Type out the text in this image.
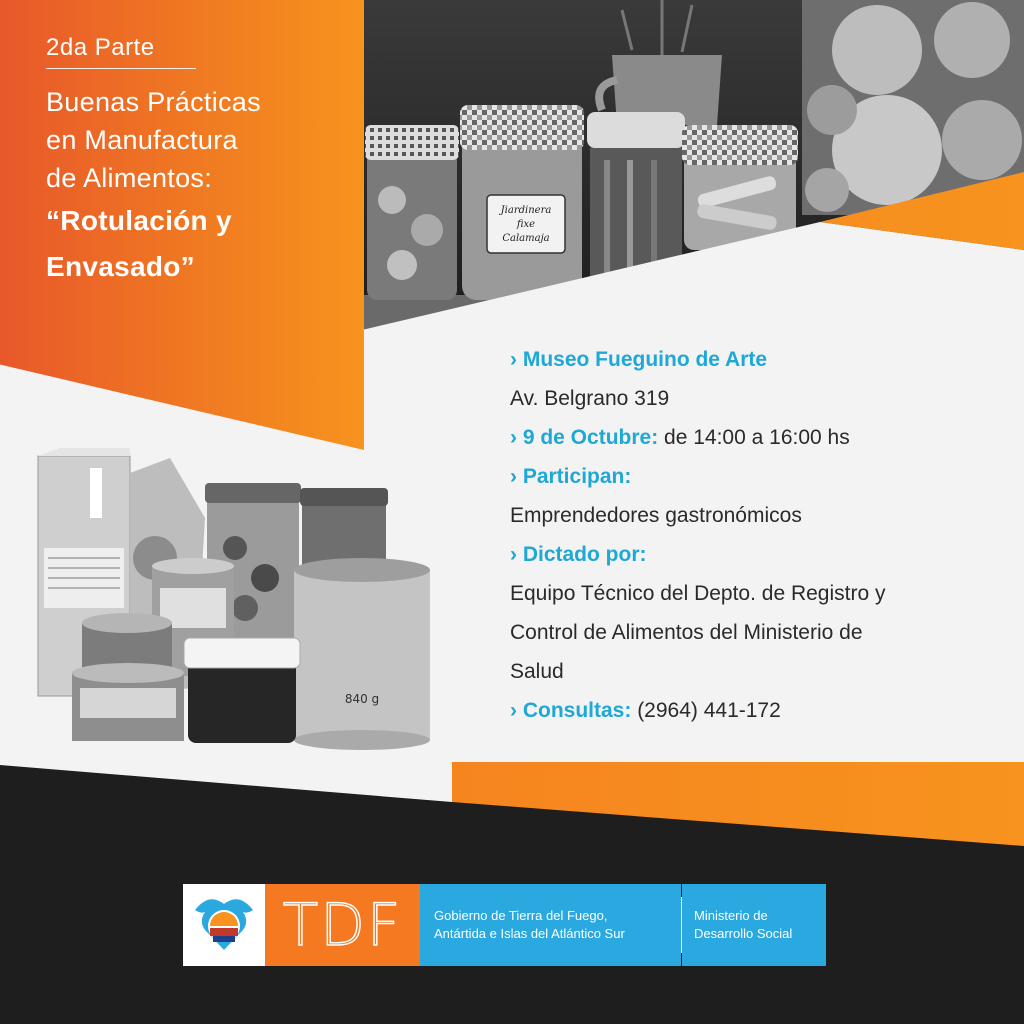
Jiardinera
fixe
Calamaja
2da Parte
Buenas Prácticas
en Manufactura
de Alimentos:
“Rotulación y
Envasado”
840 g
› Museo Fueguino de Arte
Av. Belgrano 319
› 9 de Octubre: de 14:00 a 16:00 hs
› Participan:
Emprendedores gastronómicos
› Dictado por:
Equipo Técnico del Depto. de Registro y
Control de Alimentos del Ministerio de
Salud
› Consultas: (2964) 441-172
TDF Gobierno de Tierra del Fuego,
Antártida e Islas del Atlántico Sur
Ministerio de
Desarrollo Social
